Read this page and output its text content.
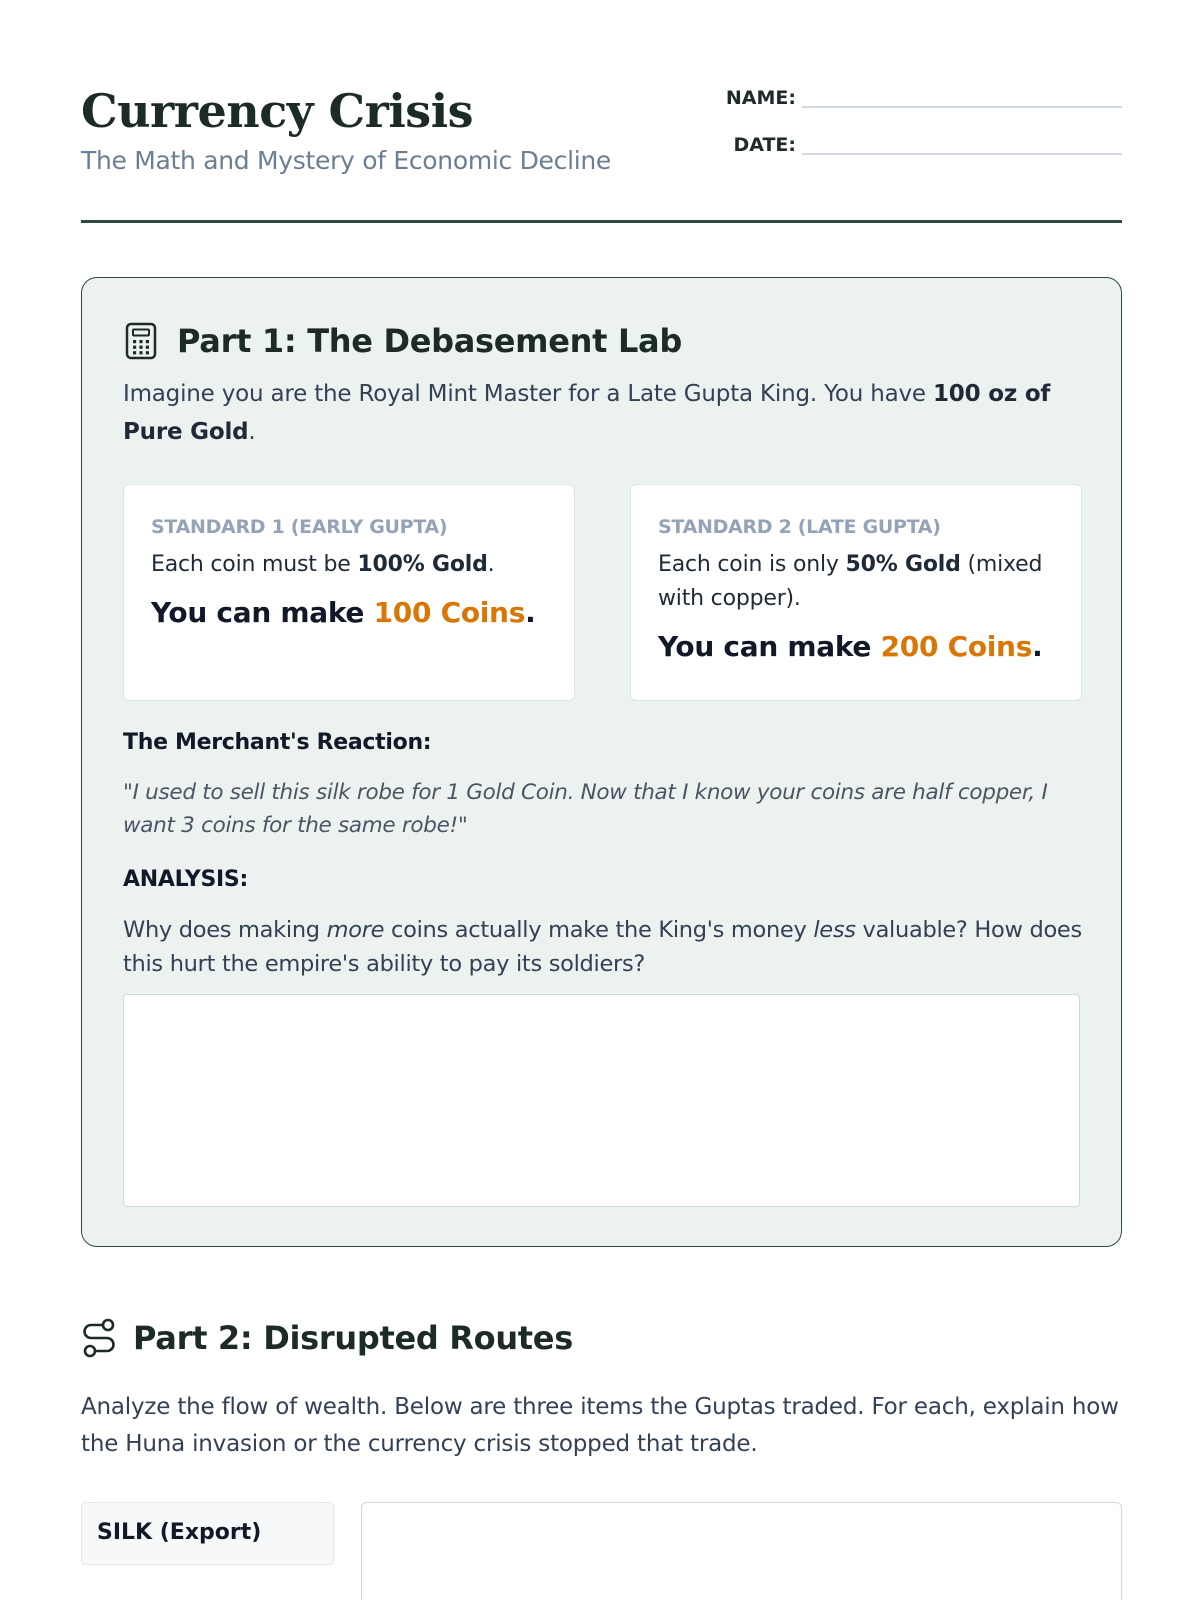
Currency Crisis
The Math and Mystery of Economic Decline
NAME:
DATE:
Part 1: The Debasement Lab

Imagine you are the Royal Mint Master for a Late Gupta King. You have 100 oz of Pure Gold.

STANDARD 1 (EARLY GUPTA)
Each coin must be 100% Gold.
You can make 100 Coins.
STANDARD 2 (LATE GUPTA)
Each coin is only 50% Gold (mixed with copper).
You can make 200 Coins.
The Merchant's Reaction:

"I used to sell this silk robe for 1 Gold Coin. Now that I know your coins are half copper, I want 3 coins for the same robe!"

ANALYSIS:

Why does making more coins actually make the King's money less valuable? How does this hurt the empire's ability to pay its soldiers?

Part 2: Disrupted Routes

Analyze the flow of wealth. Below are three items the Guptas traded. For each, explain how the Huna invasion or the currency crisis stopped that trade.

SILK (Export)
